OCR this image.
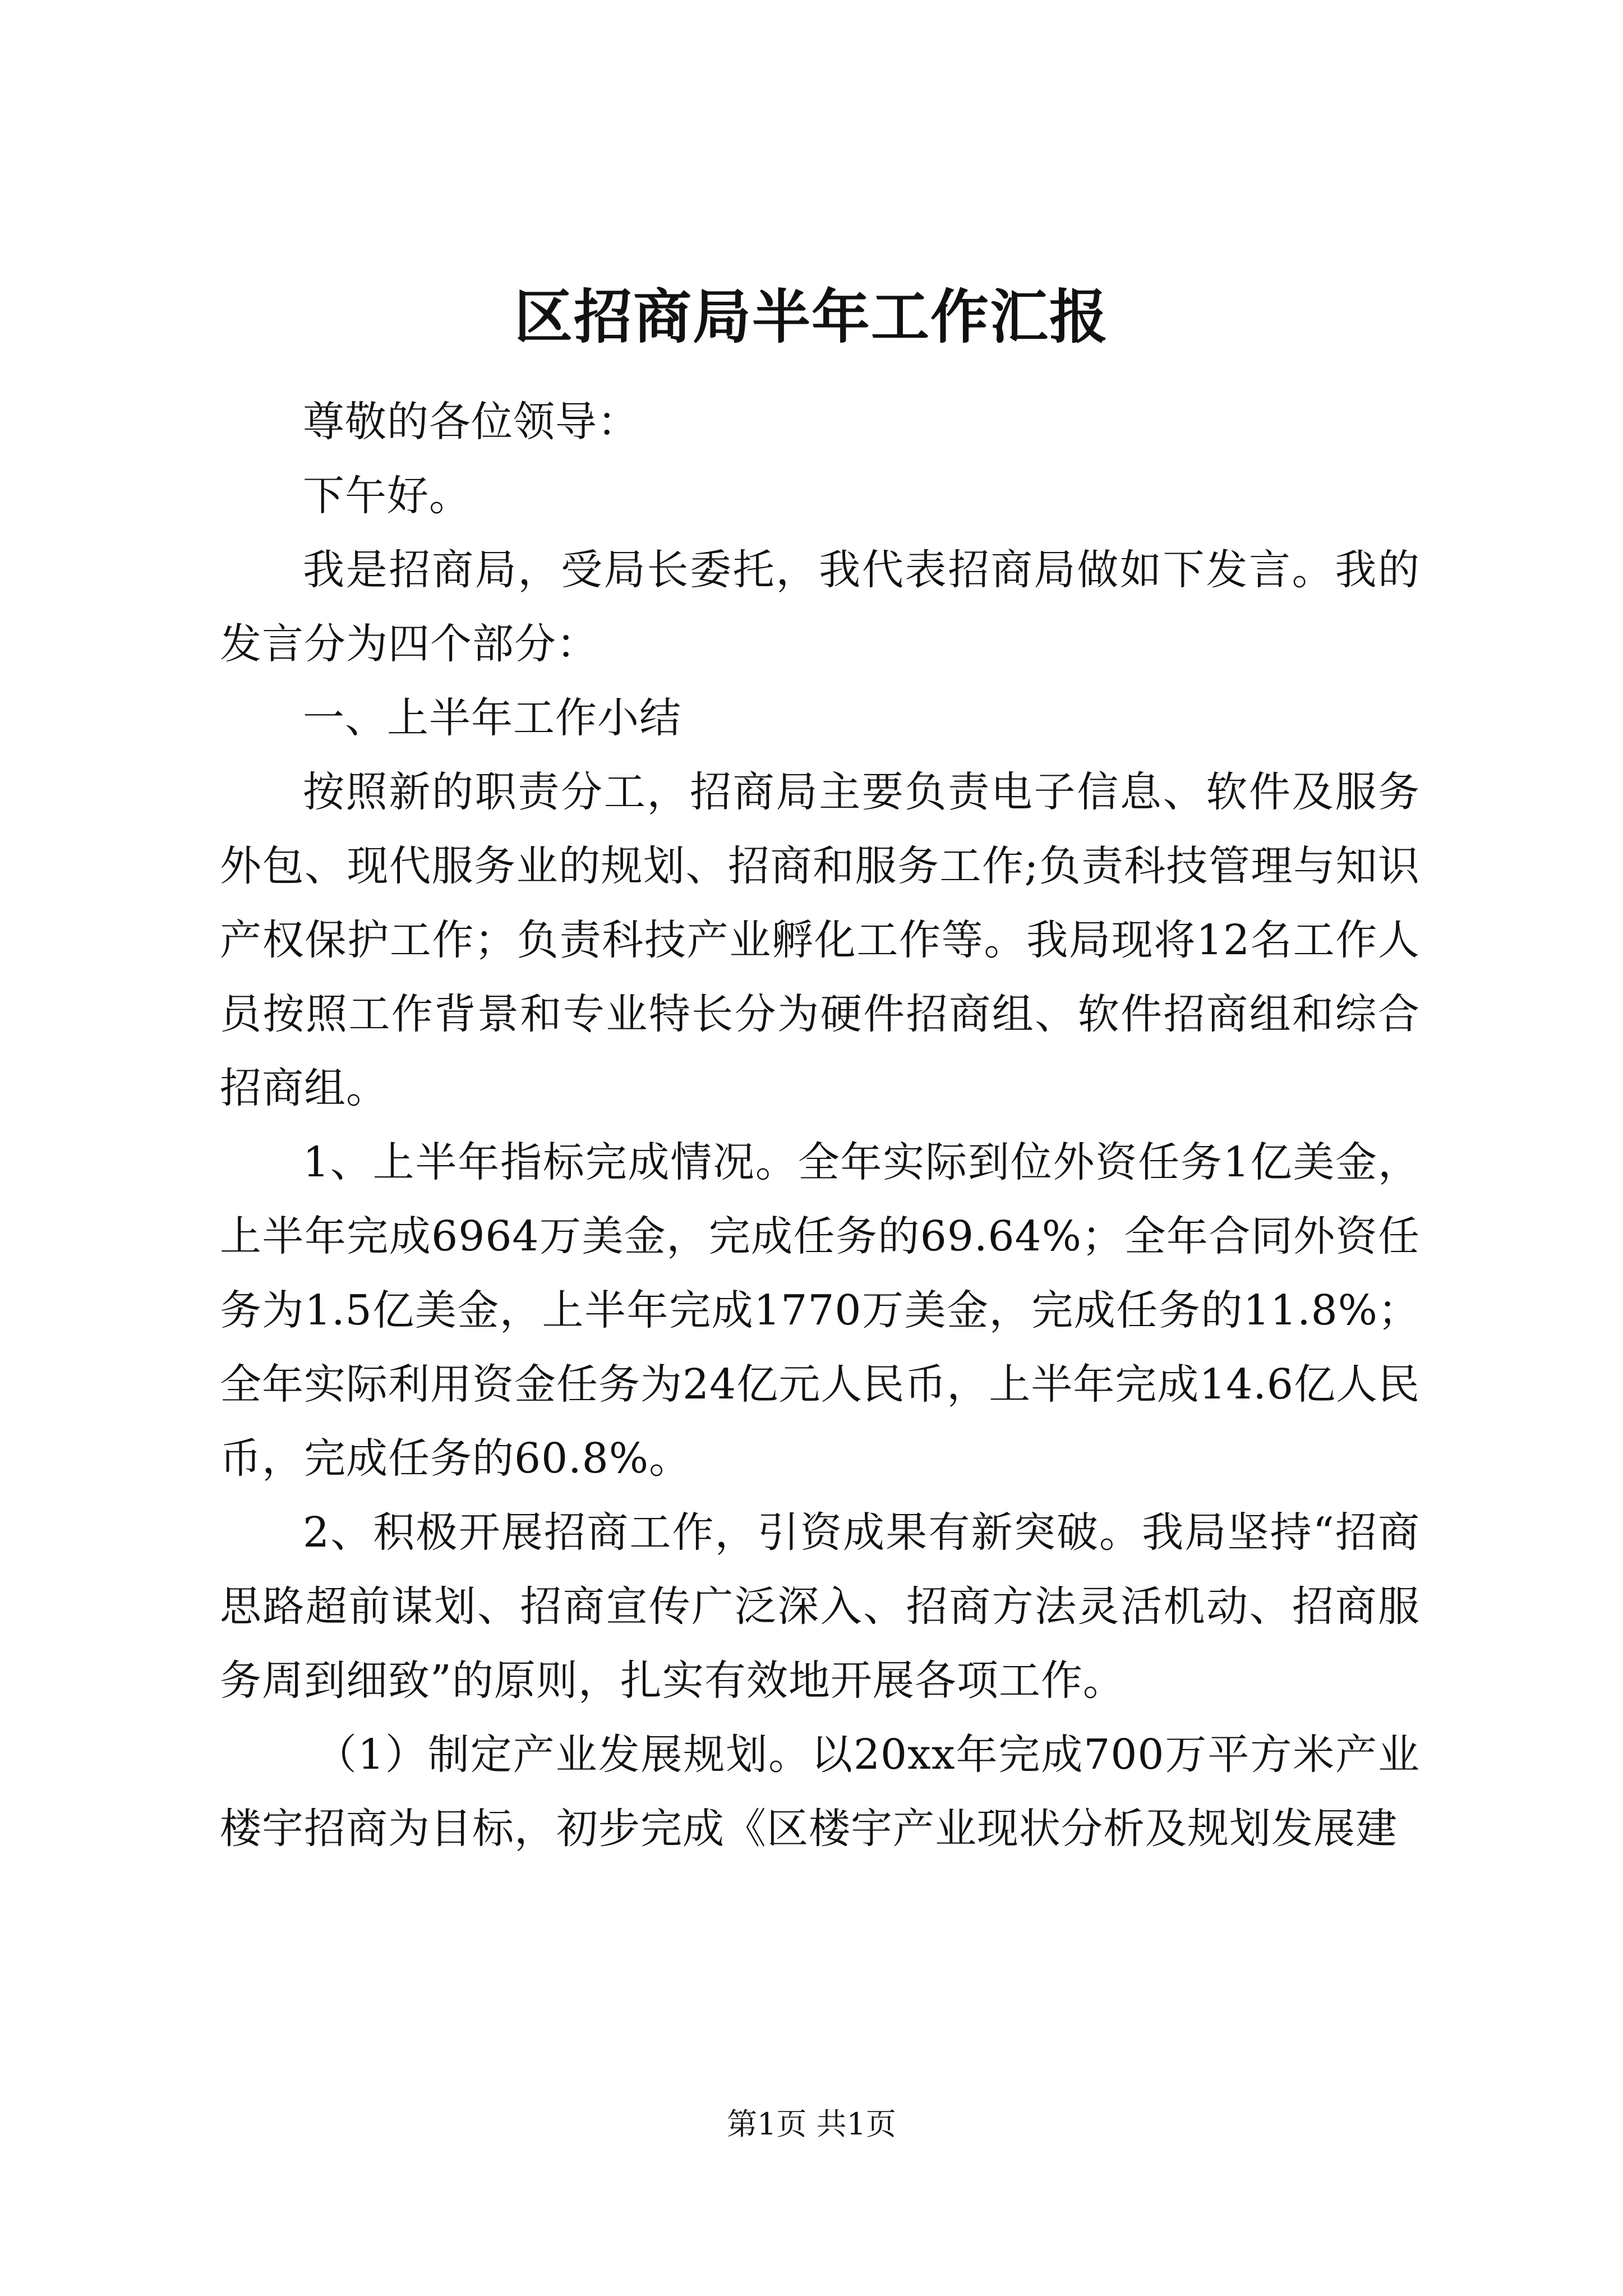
区招商局半年工作汇报

尊敬的各位领导：

下午好。

我是招商局，受局长委托，我代表招商局做如下发言。我的发言分为四个部分：

一、上半年工作小结

按照新的职责分工，招商局主要负责电子信息、软件及服务外包、现代服务业的规划、招商和服务工作;负责科技管理与知识产权保护工作；负责科技产业孵化工作等。我局现将12名工作人员按照工作背景和专业特长分为硬件招商组、软件招商组和综合招商组。

1、上半年指标完成情况。全年实际到位外资任务1亿美金，上半年完成6964万美金，完成任务的69.64%；全年合同外资任务为1.5亿美金，上半年完成1770万美金，完成任务的11.8%；全年实际利用资金任务为24亿元人民币，上半年完成14.6亿人民币，完成任务的60.8%。

2、积极开展招商工作，引资成果有新突破。我局坚持“招商思路超前谋划、招商宣传广泛深入、招商方法灵活机动、招商服务周到细致”的原则，扎实有效地开展各项工作。

（1）制定产业发展规划。以20xx年完成700万平方米产业楼宇招商为目标，初步完成《区楼宇产业现状分析及规划发展建

第1页 共1页
